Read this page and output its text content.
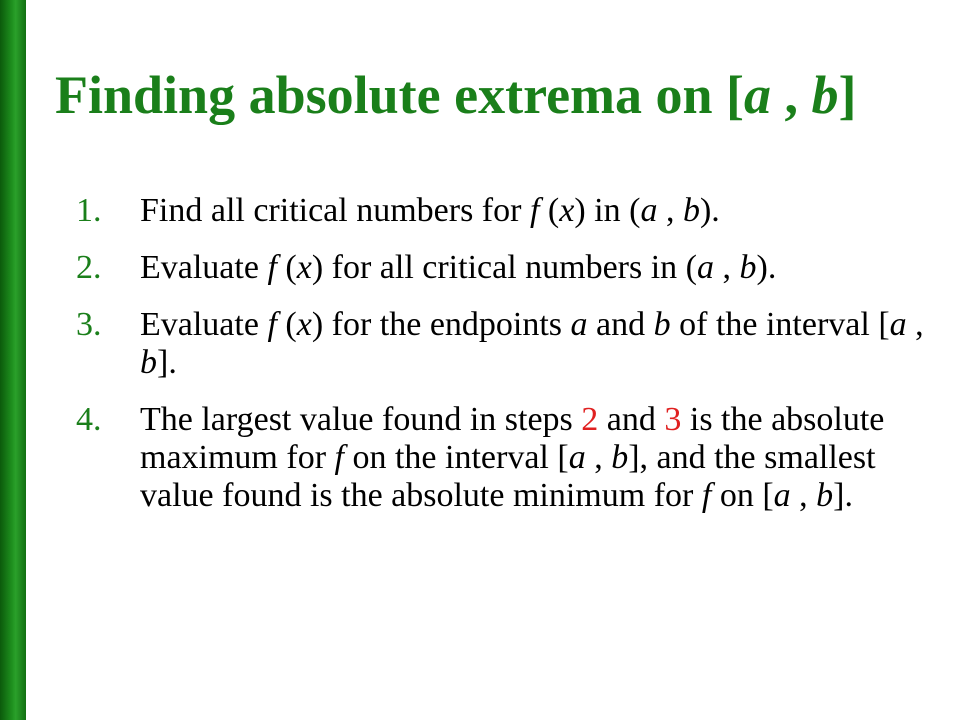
Finding absolute extrema on [a , b]
1. Find all critical numbers for f (x) in (a , b).
2. Evaluate f (x) for all critical numbers in (a , b).
3. Evaluate f (x) for the endpoints a and b of the interval [a , b].
4. The largest value found in steps 2 and 3 is the absolute maximum for f on the interval [a , b], and the smallest value found is the absolute minimum for f on [a , b].
